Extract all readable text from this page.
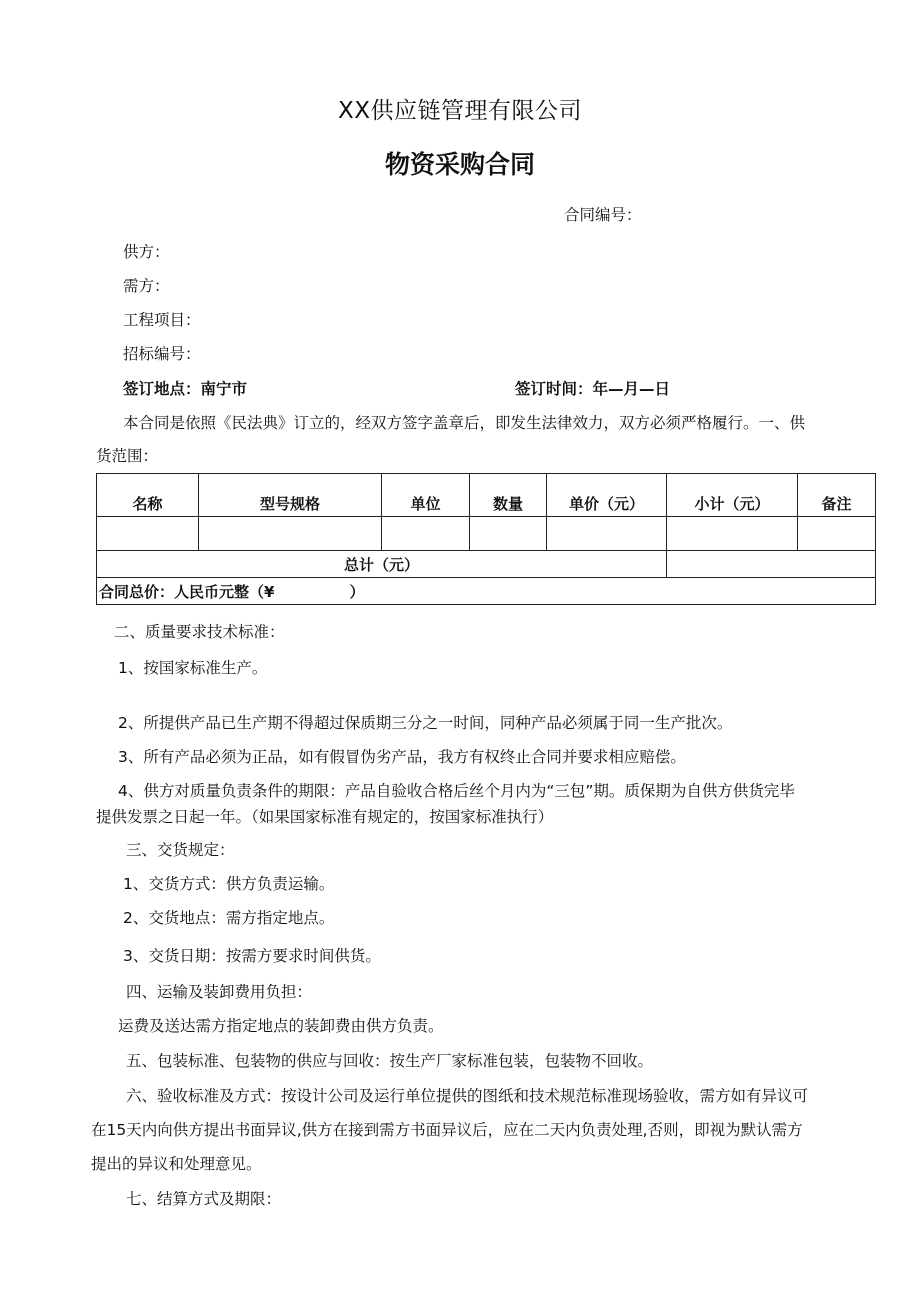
XX供应链管理有限公司
物资采购合同
合同编号：
供方：
需方：
工程项目：
招标编号：
签订地点：南宁市	签订时间：年—月—日
本合同是依照《民法典》订立的，经双方签字盖章后，即发生法律效力，双方必须严格履行。一、供
货范围：
名称	型号规格	单位	数量	单价（元）	小计（元）	备注

总计（元）						
合同总价：人民币元整（¥　　　　　）						
二、质量要求技术标准：
1、按国家标准生产。
2、所提供产品已生产期不得超过保质期三分之一时间，同种产品必须属于同一生产批次。
3、所有产品必须为正品，如有假冒伪劣产品，我方有权终止合同并要求相应赔偿。
4、供方对质量负责条件的期限：产品自验收合格后丝个月内为“三包”期。质保期为自供方供货完毕
提供发票之日起一年。（如果国家标准有规定的，按国家标准执行）
三、交货规定：
1、交货方式：供方负责运输。
2、交货地点：需方指定地点。
3、交货日期：按需方要求时间供货。
四、运输及装卸费用负担：
运费及送达需方指定地点的装卸费由供方负责。
五、包装标准、包装物的供应与回收：按生产厂家标准包装，包装物不回收。
六、验收标准及方式：按设计公司及运行单位提供的图纸和技术规范标准现场验收，需方如有异议可
在15天内向供方提出书面异议,供方在接到需方书面异议后，应在二天内负责处理,否则，即视为默认需方
提出的异议和处理意见。
七、结算方式及期限：
